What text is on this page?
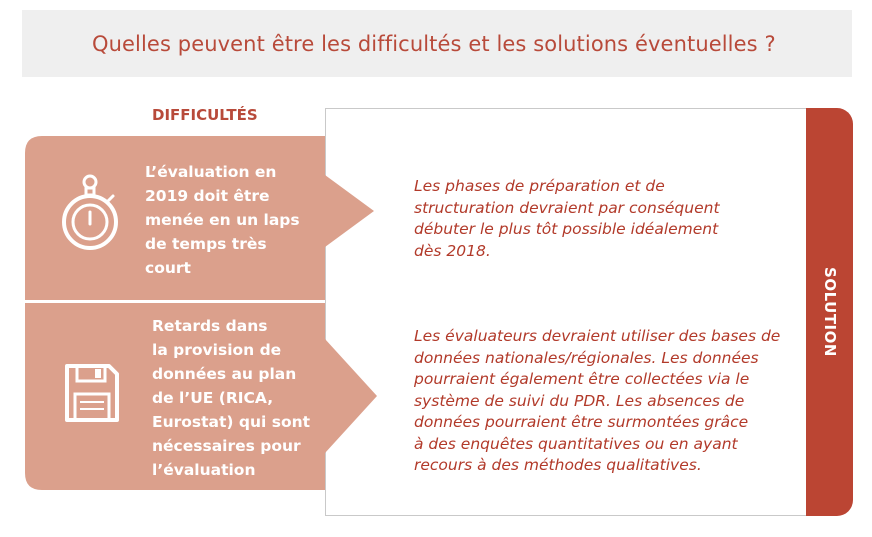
Quelles peuvent être les difficultés et les solutions éventuelles ?
DIFFICULTÉS
SOLUTION
L’évaluation en
2019 doit être
menée en un laps
de temps très
court
Retards dans
la provision de
données au plan
de l’UE (RICA,
Eurostat) qui sont
nécessaires pour
l’évaluation
Les phases de préparation et de
structuration devraient par conséquent
débuter le plus tôt possible idéalement
dès 2018.
Les évaluateurs devraient utiliser des bases de
données nationales/régionales. Les données
pourraient également être collectées via le
système de suivi du PDR. Les absences de
données pourraient être surmontées grâce
à des enquêtes quantitatives ou en ayant
recours à des méthodes qualitatives.
